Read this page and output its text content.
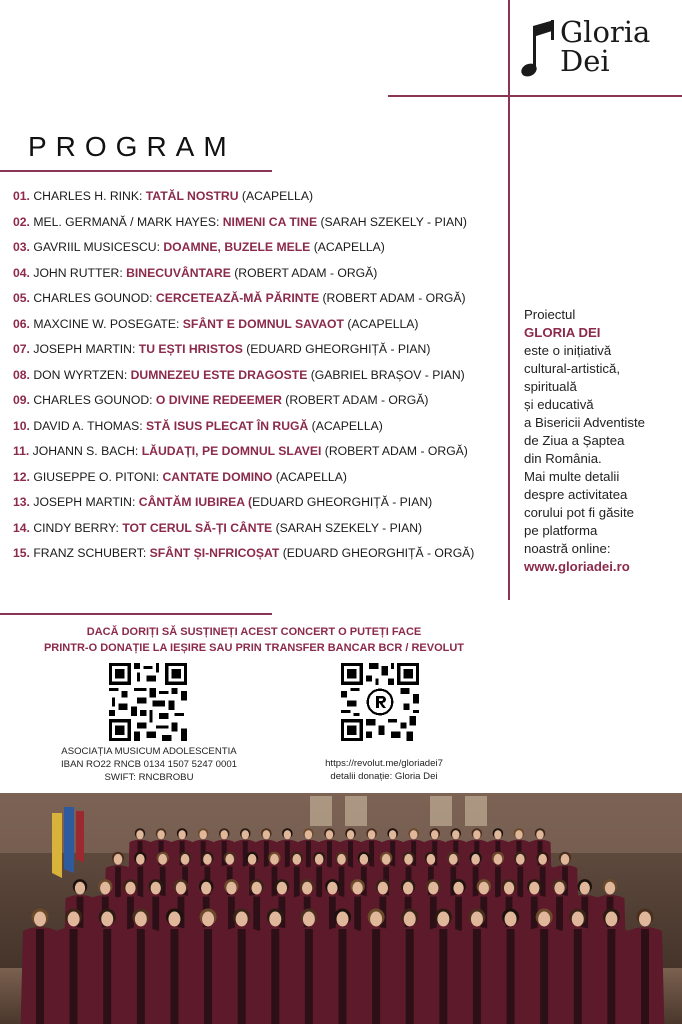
Gloria
Dei
PROGRAM
01. CHARLES H. RINK: TATĂL NOSTRU (ACAPELLA)
02. MEL. GERMANĂ / MARK HAYES: NIMENI CA TINE (SARAH SZEKELY - PIAN)
03. GAVRIIL MUSICESCU: DOAMNE, BUZELE MELE (ACAPELLA)
04. JOHN RUTTER: BINECUVÂNTARE (ROBERT ADAM - ORGĂ)
05. CHARLES GOUNOD: CERCETEAZĂ-MĂ PĂRINTE (ROBERT ADAM - ORGĂ)
06. MAXCINE W. POSEGATE: SFÂNT E DOMNUL SAVAOT (ACAPELLA)
07. JOSEPH MARTIN: TU EȘTI HRISTOS (EDUARD GHEORGHIȚĂ - PIAN)
08. DON WYRTZEN: DUMNEZEU ESTE DRAGOSTE (GABRIEL BRAȘOV - PIAN)
09. CHARLES GOUNOD: O DIVINE REDEEMER (ROBERT ADAM - ORGĂ)
10. DAVID A. THOMAS: STĂ ISUS PLECAT ÎN RUGĂ (ACAPELLA)
11. JOHANN S. BACH: LĂUDAȚI, PE DOMNUL SLAVEI (ROBERT ADAM - ORGĂ)
12. GIUSEPPE O. PITONI: CANTATE DOMINO (ACAPELLA)
13. JOSEPH MARTIN: CÂNTĂM IUBIREA (EDUARD GHEORGHIȚĂ - PIAN)
14. CINDY BERRY: TOT CERUL SĂ-ȚI CÂNTE (SARAH SZEKELY - PIAN)
15. FRANZ SCHUBERT: SFÂNT ȘI-NFRICOȘAT (EDUARD GHEORGHIȚĂ - ORGĂ)
Proiectul
GLORIA DEI
este o inițiativă
cultural-artistică,
spirituală
și educativă
a Bisericii Adventiste
de Ziua a Șaptea
din România.
Mai multe detalii
despre activitatea
corului pot fi găsite
pe platforma
noastră online:
www.gloriadei.ro
DACĂ DORIȚI SĂ SUSȚINEȚI ACEST CONCERT O PUTEȚI FACE
PRINTR-O DONAȚIE LA IEȘIRE SAU PRIN TRANSFER BANCAR BCR / REVOLUT
ASOCIAȚIA MUSICUM ADOLESCENTIA
IBAN RO22 RNCB 0134 1507 5247 0001
SWIFT: RNCBROBU
https://revolut.me/gloriadei7
detalii donație: Gloria Dei
